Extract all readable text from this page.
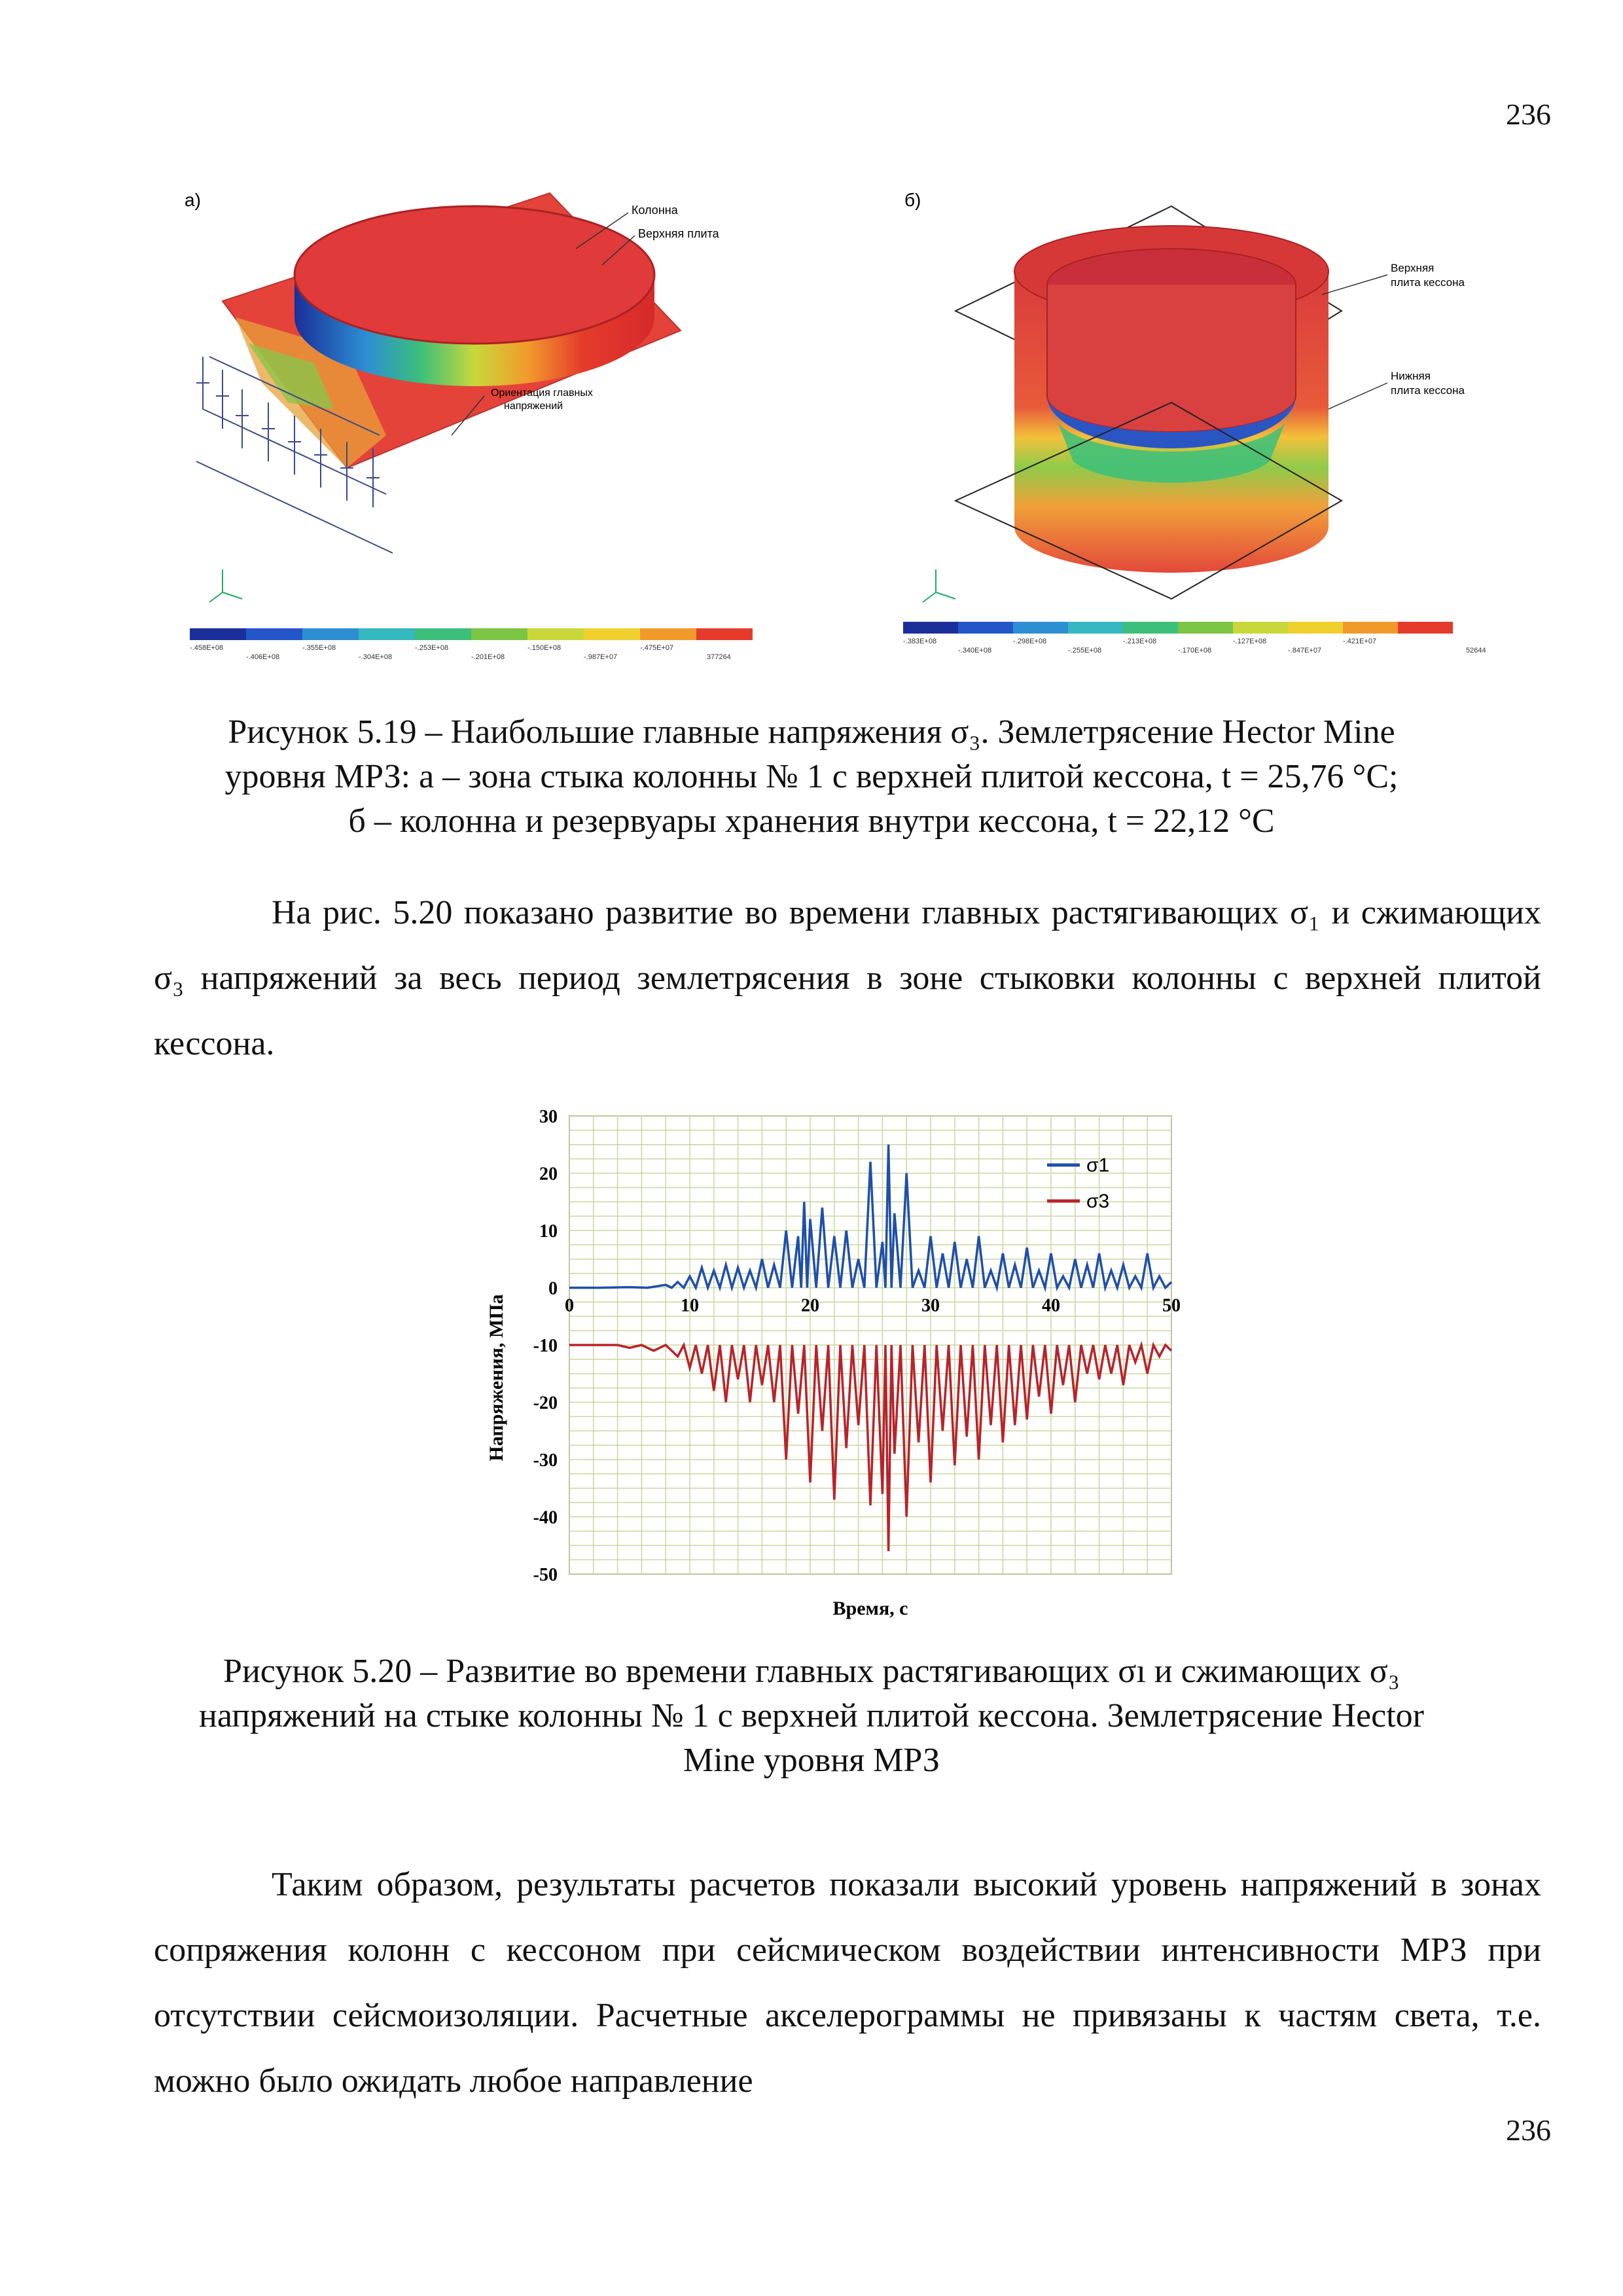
236
а)	Колонна
Верхняя плита
Ориентация главных
напряжений
-.458E+08
-.406E+08
-.355E+08
-.304E+08
-.253E+08
-.201E+08
-.150E+08
-.987E+07
-.475E+07
377264
б)
Верхняя
плита кессона
Нижняя
плита кессона
-.383E+08
-.340E+08
-.298E+08
-.255E+08
-.213E+08
-.170E+08
-.127E+08
-.847E+07
-.421E+07
52644
Рисунок 5.19 – Наибольшие главные напряжения σ₃. Землетрясение Hector Mine
уровня МРЗ: а – зона стыка колонны № 1 с верхней плитой кессона, t = 25,76 °C;
б – колонна и резервуары хранения внутри кессона, t = 22,12 °C

На рис. 5.20 показано развитие во времени главных растягивающих σ₁ и сжимающих σ₃ напряжений за весь период землетрясения в зоне стыковки колонны с верхней плитой кессона.

30
20
10
0
-10
-20
-30
-40
-50
0	10	20	30	40	50
Напряжения, МПа
Время, с
σ1
σ3
Рисунок 5.20 – Развитие во времени главных растягивающих σı и сжимающих σ₃
напряжений на стыке колонны № 1 с верхней плитой кессона. Землетрясение Hector
Mine уровня МРЗ

Таким образом, результаты расчетов показали высокий уровень напряжений в зонах сопряжения колонн с кессоном при сейсмическом воздействии интенсивности МРЗ при отсутствии сейсмоизоляции. Расчетные акселерограммы не привязаны к частям света, т.е. можно было ожидать любое направление

236
